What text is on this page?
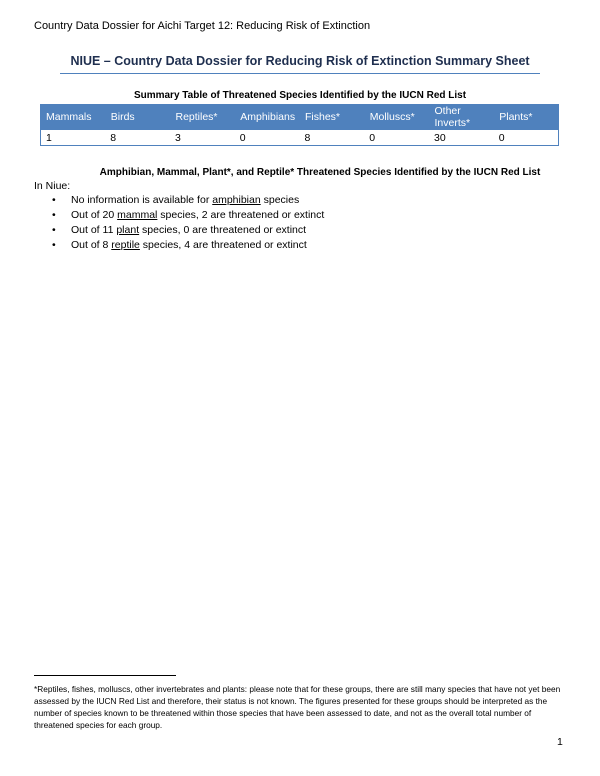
Country Data Dossier for Aichi Target 12: Reducing Risk of Extinction
NIUE – Country Data Dossier for Reducing Risk of Extinction Summary Sheet
Summary Table of Threatened Species Identified by the IUCN Red List
Mammals	Birds	Reptiles*	Amphibians	Fishes*	Molluscs*	Other Inverts*	Plants*
1	8	3	0	8	0	30	0
Amphibian, Mammal, Plant*, and Reptile* Threatened Species Identified by the IUCN Red List
In Niue:
• No information is available for amphibian species
• Out of 20 mammal species, 2 are threatened or extinct
• Out of 11 plant species, 0 are threatened or extinct
• Out of 8 reptile species, 4 are threatened or extinct
*Reptiles, fishes, molluscs, other invertebrates and plants: please note that for these groups, there are still many species that have not yet been assessed by the IUCN Red List and therefore, their status is not known. The figures presented for these groups should be interpreted as the number of species known to be threatened within those species that have been assessed to date, and not as the overall total number of threatened species for each group.
1
